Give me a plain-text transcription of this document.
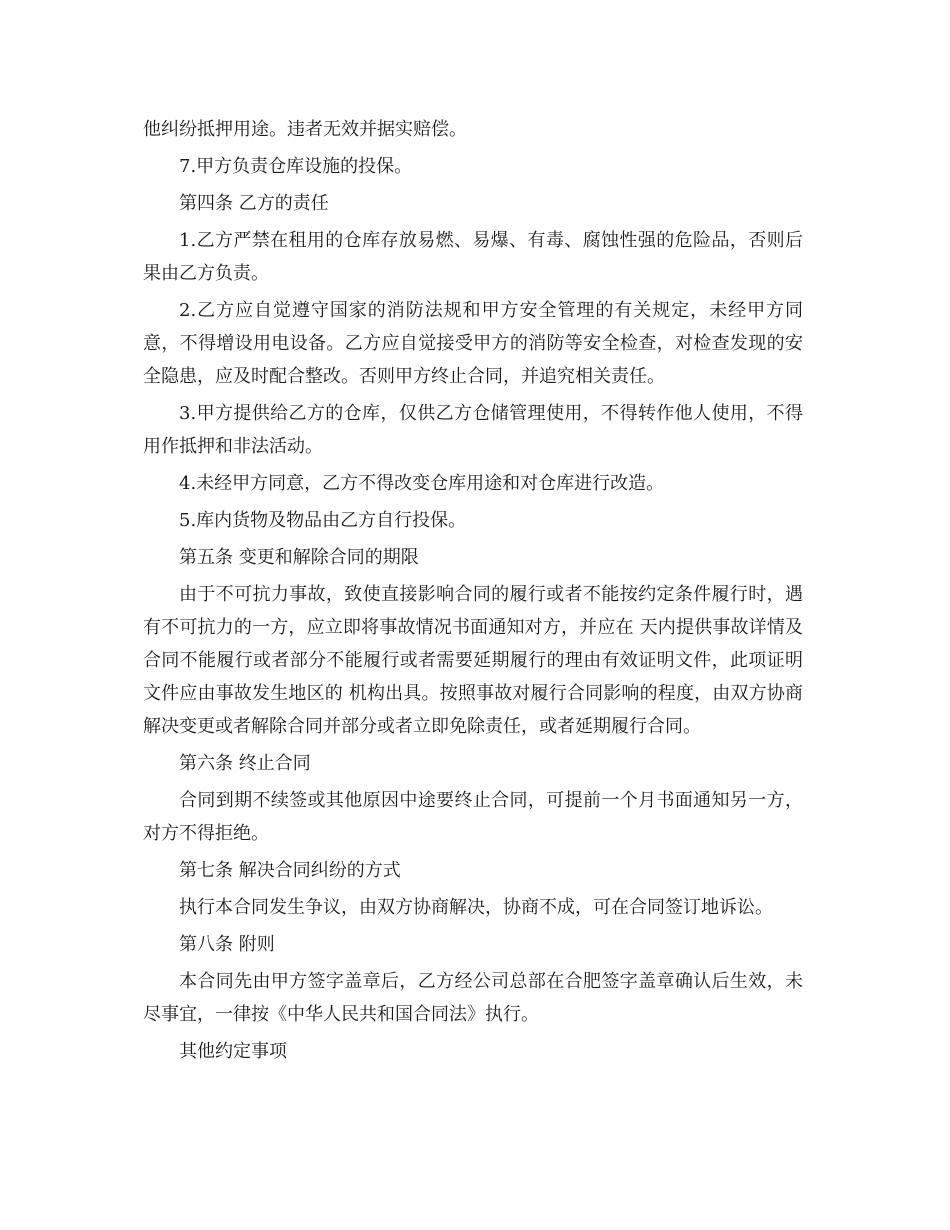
他纠纷抵押用途。违者无效并据实赔偿。

7.甲方负责仓库设施的投保。

第四条 乙方的责任

1.乙方严禁在租用的仓库存放易燃、易爆、有毒、腐蚀性强的危险品，否则后果由乙方负责。

2.乙方应自觉遵守国家的消防法规和甲方安全管理的有关规定，未经甲方同意，不得增设用电设备。乙方应自觉接受甲方的消防等安全检查，对检查发现的安全隐患，应及时配合整改。否则甲方终止合同，并追究相关责任。

3.甲方提供给乙方的仓库，仅供乙方仓储管理使用，不得转作他人使用，不得用作抵押和非法活动。

4.未经甲方同意，乙方不得改变仓库用途和对仓库进行改造。

5.库内货物及物品由乙方自行投保。

第五条 变更和解除合同的期限

由于不可抗力事故，致使直接影响合同的履行或者不能按约定条件履行时，遇有不可抗力的一方，应立即将事故情况书面通知对方，并应在 天内提供事故详情及合同不能履行或者部分不能履行或者需要延期履行的理由有效证明文件，此项证明文件应由事故发生地区的 机构出具。按照事故对履行合同影响的程度，由双方协商解决变更或者解除合同并部分或者立即免除责任，或者延期履行合同。

第六条 终止合同

合同到期不续签或其他原因中途要终止合同，可提前一个月书面通知另一方，对方不得拒绝。

第七条 解决合同纠纷的方式

执行本合同发生争议，由双方协商解决，协商不成，可在合同签订地诉讼。

第八条 附则

本合同先由甲方签字盖章后，乙方经公司总部在合肥签字盖章确认后生效，未尽事宜，一律按《中华人民共和国合同法》执行。

其他约定事项
